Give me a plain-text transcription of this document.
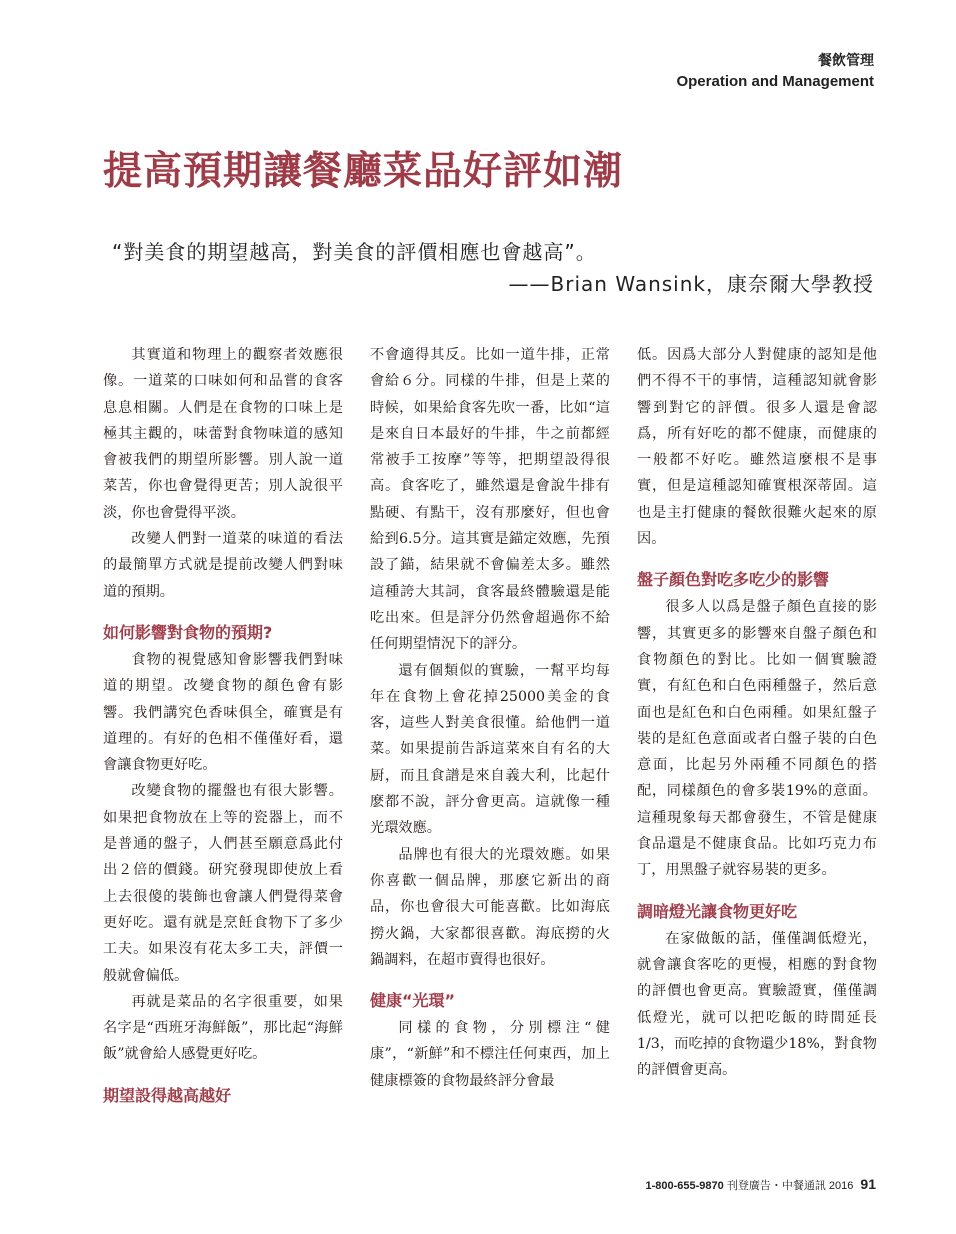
餐飲管理
Operation and Management
提高預期讓餐廳菜品好評如潮
“對美食的期望越高，對美食的評價相應也會越高”。
——Brian Wansink，康奈爾大學教授

其實道和物理上的觀察者效應很像。一道菜的口味如何和品嘗的食客息息相關。人們是在食物的口味上是極其主觀的，味蕾對食物味道的感知會被我們的期望所影響。別人說一道菜苦，你也會覺得更苦；別人說很平淡，你也會覺得平淡。

改變人們對一道菜的味道的看法的最簡單方式就是提前改變人們對味道的預期。

如何影響對食物的預期?

食物的視覺感知會影響我們對味道的期望。改變食物的顏色會有影響。我們講究色香味俱全，確實是有道理的。有好的色相不僅僅好看，還會讓食物更好吃。

改變食物的擺盤也有很大影響。如果把食物放在上等的瓷器上，而不是普通的盤子，人們甚至願意爲此付出２倍的價錢。研究發現即使放上看上去很傻的裝飾也會讓人們覺得菜會更好吃。還有就是烹飪食物下了多少工夫。如果沒有花太多工夫，評價一般就會偏低。

再就是菜品的名字很重要，如果名字是“西班牙海鮮飯”，那比起“海鮮飯”就會給人感覺更好吃。

期望設得越高越好

不會適得其反。比如一道牛排，正常會給６分。同樣的牛排，但是上菜的時候，如果給食客先吹一番，比如“這是來自日本最好的牛排，牛之前都經常被手工按摩”等等，把期望設得很高。食客吃了，雖然還是會說牛排有點硬、有點干，沒有那麼好，但也會給到6.5分。這其實是錨定效應，先預設了錨，結果就不會偏差太多。雖然這種誇大其詞，食客最終體驗還是能吃出來。但是評分仍然會超過你不給任何期望情況下的評分。

還有個類似的實驗，一幫平均每年在食物上會花掉25000美金的食客，這些人對美食很懂。給他們一道菜。如果提前告訴這菜來自有名的大厨，而且食譜是來自義大利，比起什麽都不說，評分會更高。這就像一種光環效應。

品牌也有很大的光環效應。如果你喜歡一個品牌，那麽它新出的商品，你也會很大可能喜歡。比如海底撈火鍋，大家都很喜歡。海底撈的火鍋調料，在超市賣得也很好。

健康“光環”

同樣的食物，分別標注“健康”，“新鮮”和不標注任何東西，加上健康標簽的食物最終評分會最

低。因爲大部分人對健康的認知是他們不得不干的事情，這種認知就會影響到對它的評價。很多人還是會認爲，所有好吃的都不健康，而健康的一般都不好吃。雖然這麼根不是事實，但是這種認知確實根深蒂固。這也是主打健康的餐飲很難火起來的原因。

盤子顏色對吃多吃少的影響

很多人以爲是盤子顏色直接的影響，其實更多的影響來自盤子顏色和食物顏色的對比。比如一個實驗證實，有紅色和白色兩種盤子，然后意面也是紅色和白色兩種。如果紅盤子裝的是紅色意面或者白盤子裝的白色意面，比起另外兩種不同顏色的搭配，同樣顏色的會多裝19%的意面。這種現象每天都會發生，不管是健康食品還是不健康食品。比如巧克力布丁，用黑盤子就容易裝的更多。

調暗燈光讓食物更好吃

在家做飯的話，僅僅調低燈光，就會讓食客吃的更慢，相應的對食物的評價也會更高。實驗證實，僅僅調低燈光，就可以把吃飯的時間延長1/3，而吃掉的食物還少18%，對食物的評價會更高。

1-800-655-9870 刊登廣告・中餐通訊 2016 91
